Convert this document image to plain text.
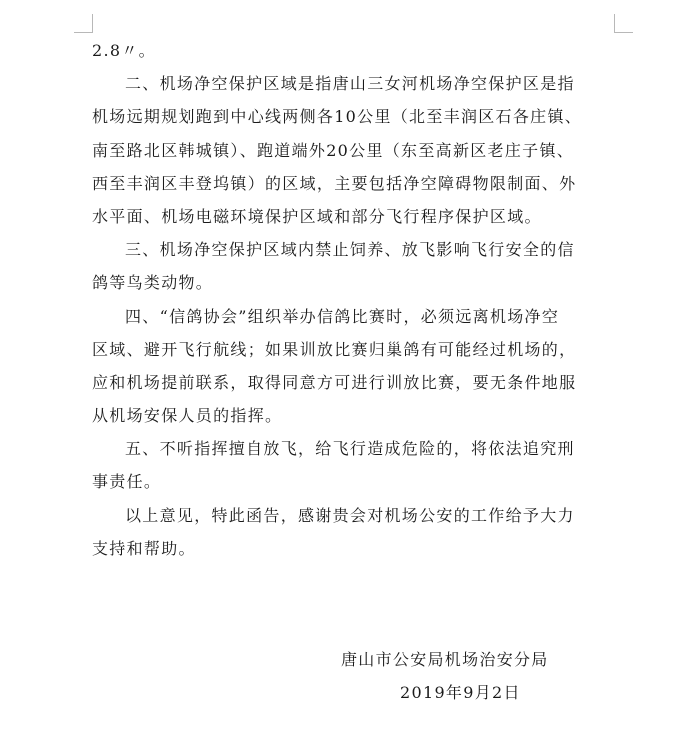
2.8〃。

二、机场净空保护区域是指唐山三女河机场净空保护区是指

机场远期规划跑到中心线两侧各10公里（北至丰润区石各庄镇、

南至路北区韩城镇）、跑道端外20公里（东至高新区老庄子镇、

西至丰润区丰登坞镇）的区域，主要包括净空障碍物限制面、外

水平面、机场电磁环境保护区域和部分飞行程序保护区域。

三、机场净空保护区域内禁止饲养、放飞影响飞行安全的信

鸽等鸟类动物。

四、“信鸽协会”组织举办信鸽比赛时，必须远离机场净空

区域、避开飞行航线；如果训放比赛归巢鸽有可能经过机场的，

应和机场提前联系，取得同意方可进行训放比赛，要无条件地服

从机场安保人员的指挥。

五、不听指挥擅自放飞，给飞行造成危险的，将依法追究刑

事责任。

以上意见，特此函告，感谢贵会对机场公安的工作给予大力

支持和帮助。

唐山市公安局机场治安分局
2019年9月2日
